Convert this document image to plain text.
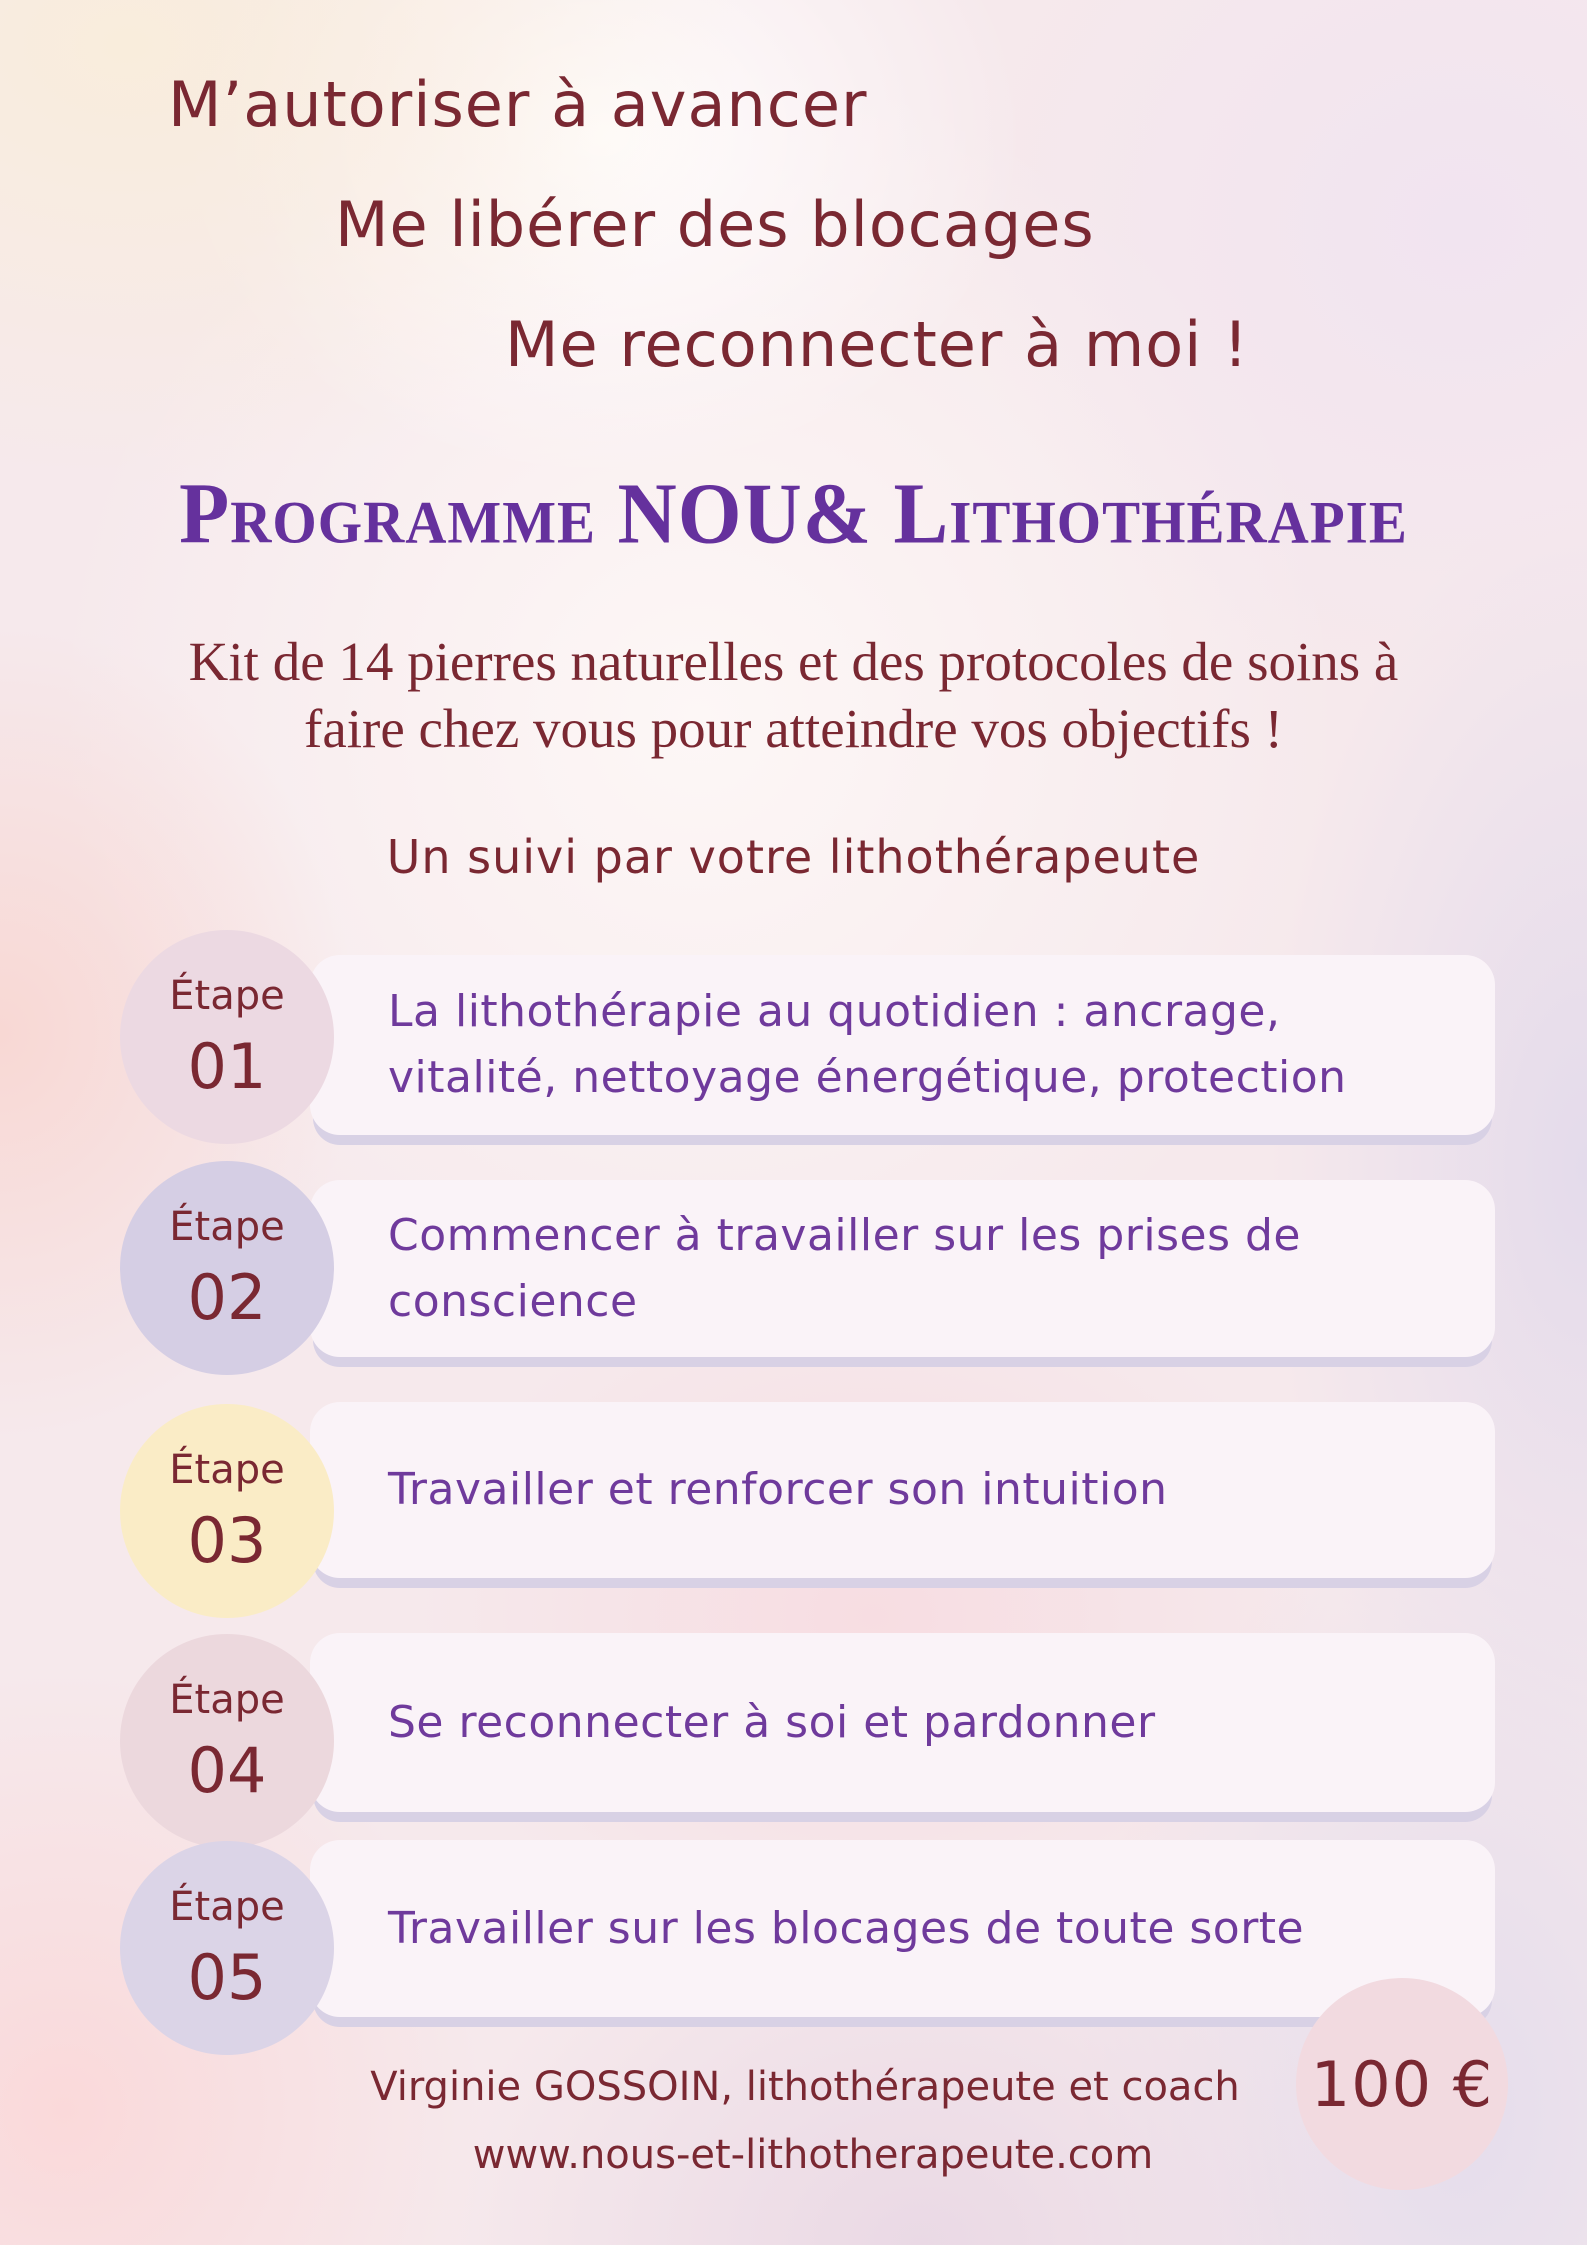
M’autoriser à avancer
Me libérer des blocages
Me reconnecter à moi !
Programme NOU& Lithothérapie
Kit de 14 pierres naturelles et des protocoles de soins à
faire chez vous pour atteindre vos objectifs !
Un suivi par votre lithothérapeute
La lithothérapie au quotidien : ancrage,
vitalité, nettoyage énergétique, protection
Étape
01
Commencer à travailler sur les prises de
conscience
Étape
02
Travailler et renforcer son intuition
Étape
03
Se reconnecter à soi et pardonner
Étape
04
Travailler sur les blocages de toute sorte
Étape
05
Virginie GOSSOIN, lithothérapeute et coach
www.nous-et-lithotherapeute.com
100 €
